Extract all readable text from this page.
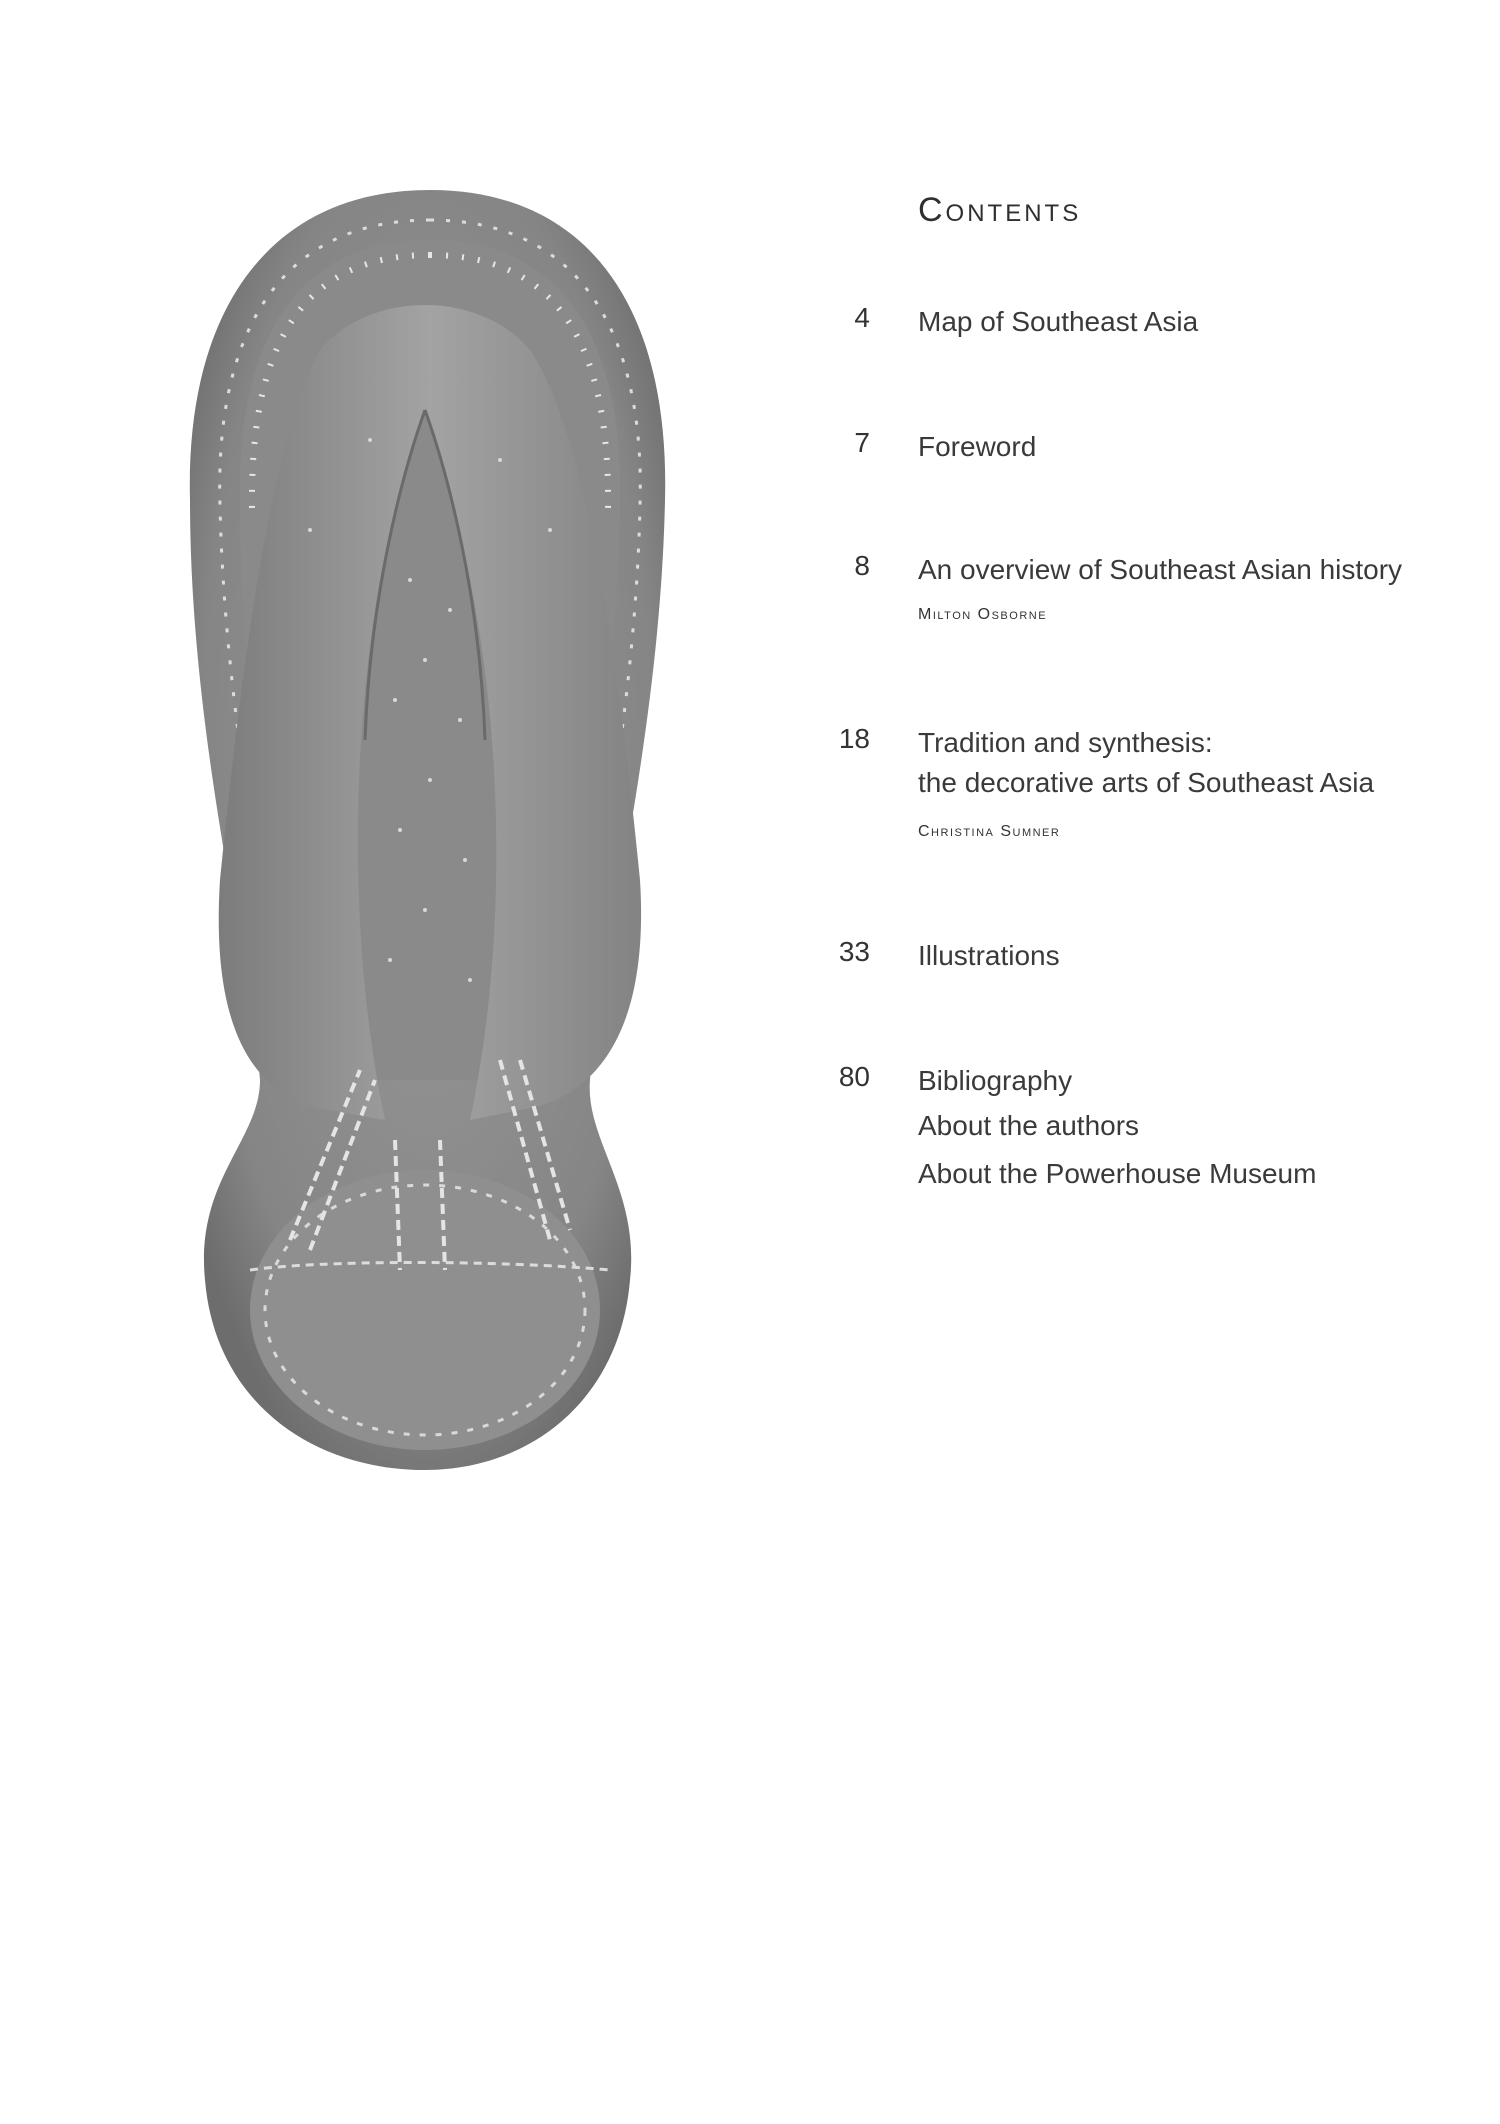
Contents
4 Map of Southeast Asia
7 Foreword
8 An overview of Southeast Asian history
Milton Osborne
18 Tradition and synthesis:
the decorative arts of Southeast Asia
Christina Sumner
33 Illustrations
80 Bibliography
About the authors
About the Powerhouse Museum
